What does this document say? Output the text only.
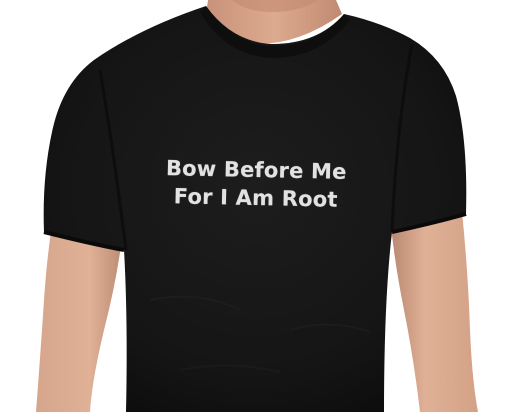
Bow Before Me
For I Am Root
